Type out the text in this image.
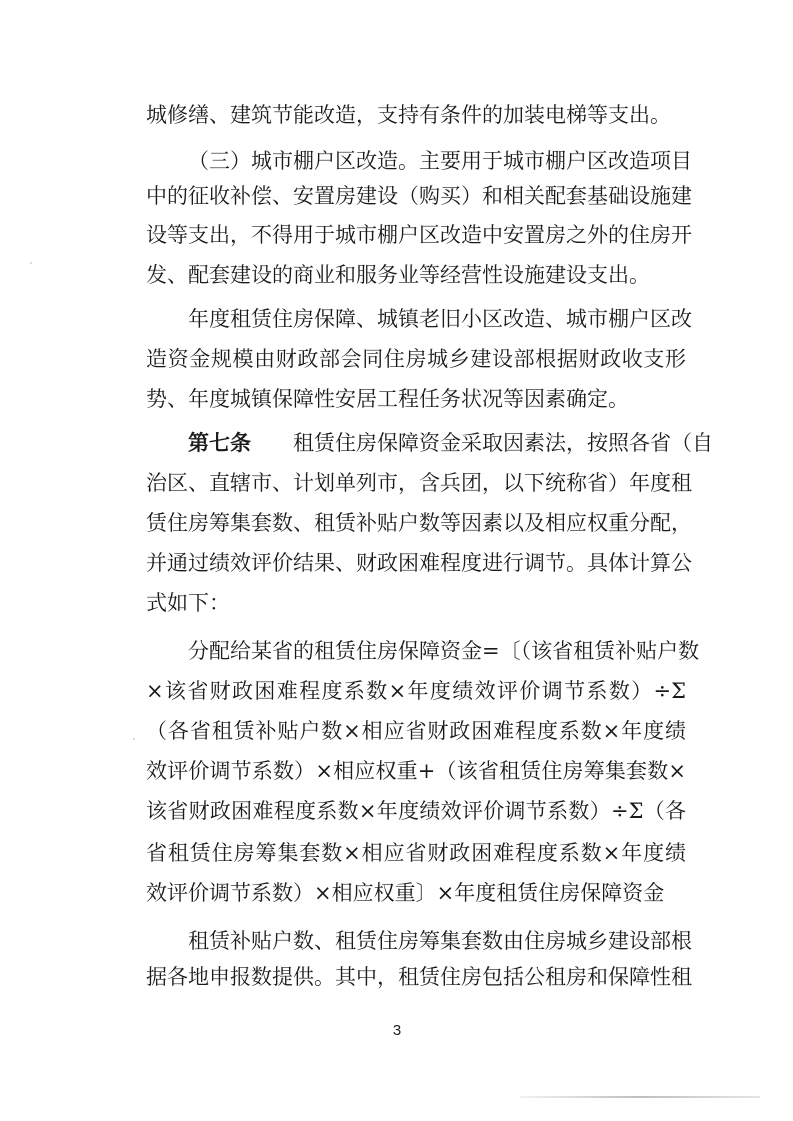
城修缮、建筑节能改造，支持有条件的加装电梯等支出。
（三）城市棚户区改造。主要用于城市棚户区改造项目
中的征收补偿、安置房建设（购买）和相关配套基础设施建
设等支出，不得用于城市棚户区改造中安置房之外的住房开
发、配套建设的商业和服务业等经营性设施建设支出。
年度租赁住房保障、城镇老旧小区改造、城市棚户区改
造资金规模由财政部会同住房城乡建设部根据财政收支形
势、年度城镇保障性安居工程任务状况等因素确定。
第七条　　 租赁住房保障资金采取因素法，按照各省（自
治区、直辖市、计划单列市，含兵团，以下统称省）年度租
赁住房筹集套数、租赁补贴户数等因素以及相应权重分配，
并通过绩效评价结果、财政困难程度进行调节。具体计算公
式如下：
分配给某省的租赁住房保障资金=〔（该省租赁补贴户数
×该省财政困难程度系数×年度绩效评价调节系数）÷Σ
（各省租赁补贴户数×相应省财政困难程度系数×年度绩
效评价调节系数）×相应权重+（该省租赁住房筹集套数×
该省财政困难程度系数×年度绩效评价调节系数）÷Σ（各
省租赁住房筹集套数×相应省财政困难程度系数×年度绩
效评价调节系数）×相应权重〕×年度租赁住房保障资金
租赁补贴户数、租赁住房筹集套数由住房城乡建设部根
据各地申报数提供。其中，租赁住房包括公租房和保障性租
3
